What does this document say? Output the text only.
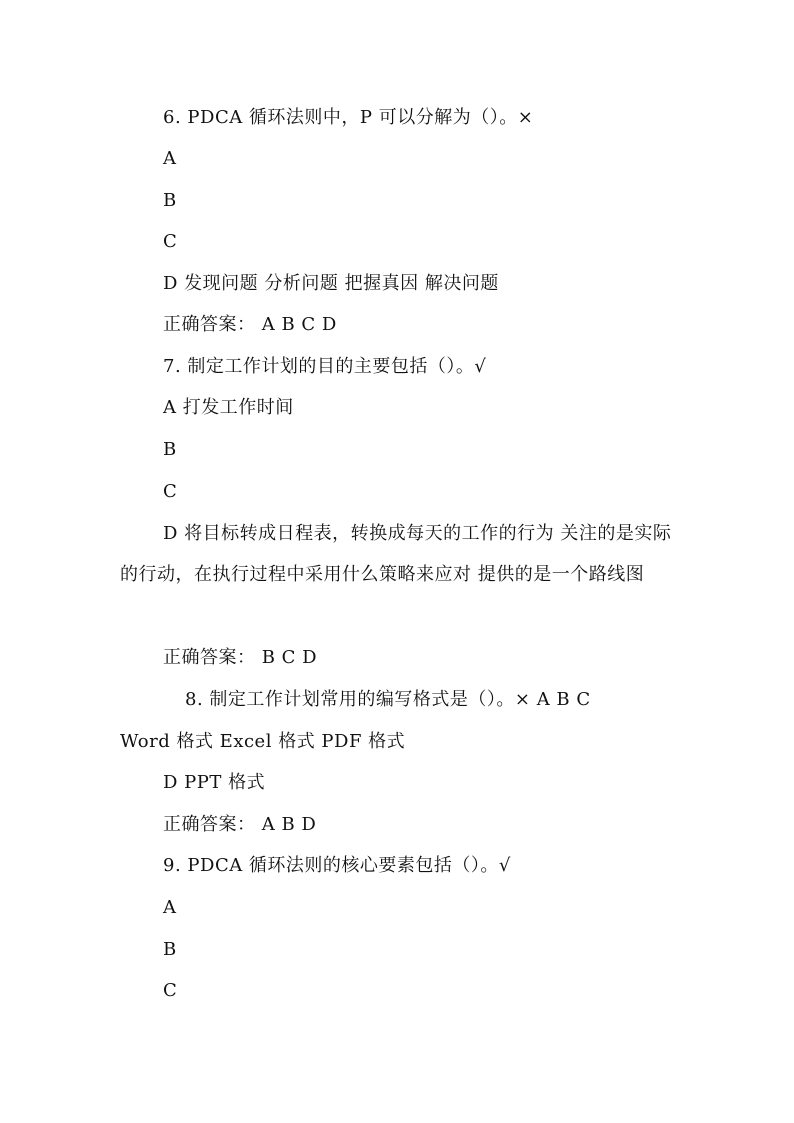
6. PDCA 循环法则中，P 可以分解为（）。×
A
B
C
D 发现问题 分析问题 把握真因 解决问题
正确答案： A B C D
7. 制定工作计划的目的主要包括（）。√
A 打发工作时间
B
C
D 将目标转成日程表，转换成每天的工作的行为 关注的是实际的行动，在执行过程中采用什么策略来应对 提供的是一个路线图
正确答案： B C D
8. 制定工作计划常用的编写格式是（）。× A B C
Word 格式 Excel 格式 PDF 格式
D PPT 格式
正确答案： A B D
9. PDCA 循环法则的核心要素包括（）。√
A
B
C
